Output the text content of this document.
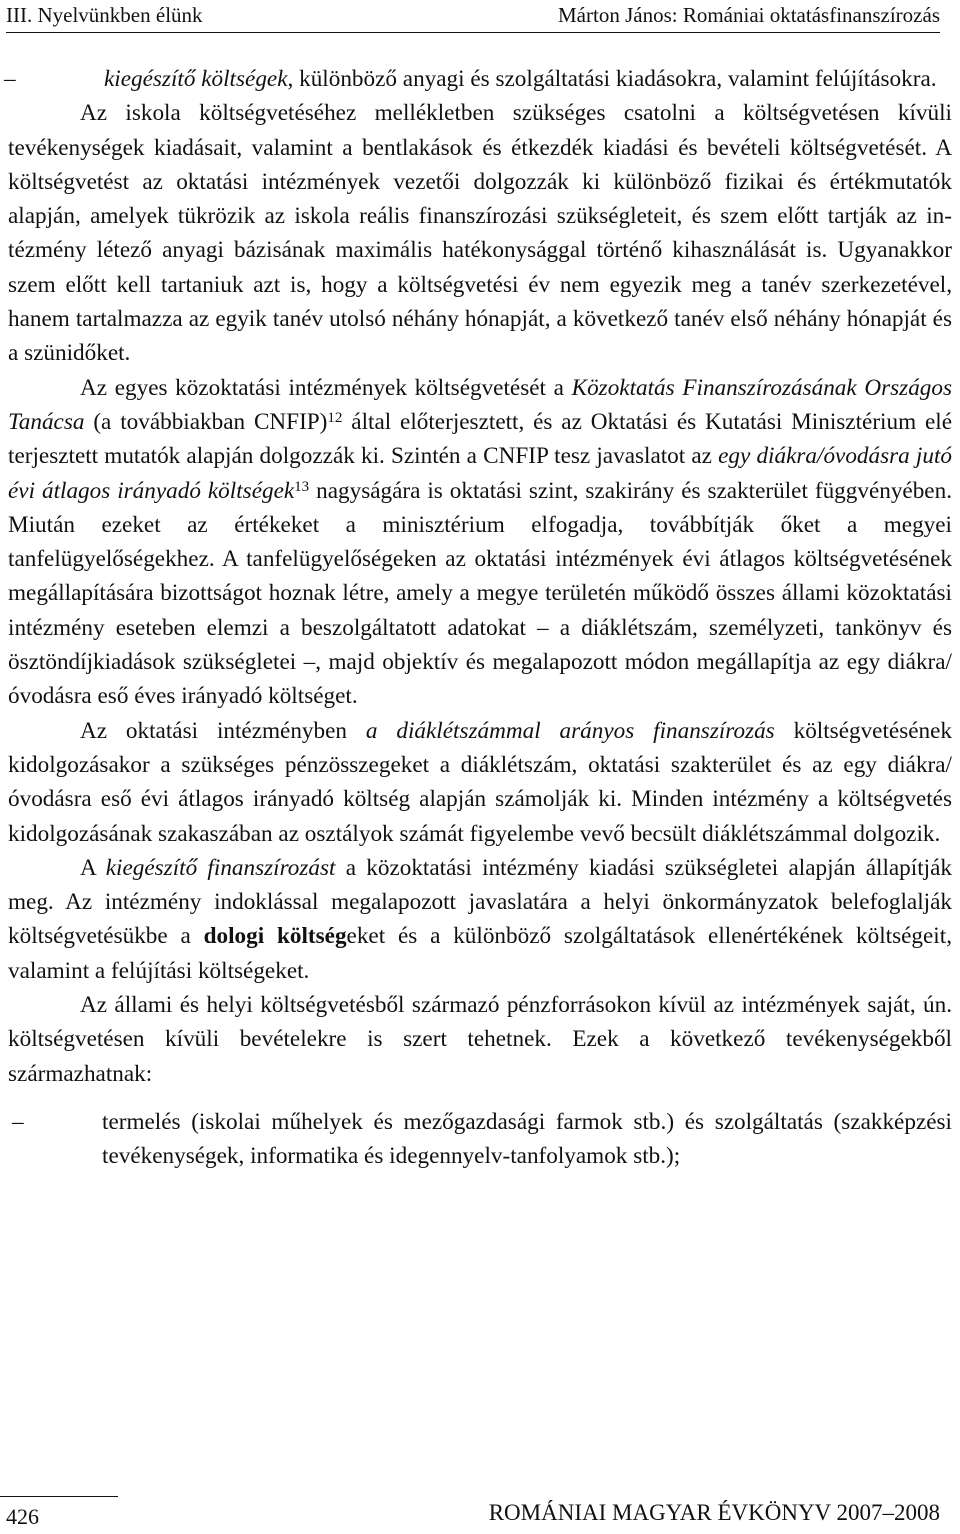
III. Nyelvünkben élünk	Márton János: Romániai oktatásfinanszírozás
–	kiegészítő költségek, különböző anyagi és szolgáltatási kiadásokra, valamint felújításokra.

Az iskola költségvetéséhez mellékletben szükséges csatolni a költségvetésen kívüli tevékenységek kiadásait, valamint a bentlakások és étkezdék kiadási és bevételi költségvetését. A költségvetést az oktatási intézmények vezetői dolgozzák ki különböző fizikai és értékmutatók alapján, amelyek tükrözik az iskola reális finanszírozási szükségleteit, és szem előtt tartják az intézmény létező anyagi bázisának maximális hatékonysággal történő kihasználását is. Ugyanakkor szem előtt kell tartaniuk azt is, hogy a költségvetési év nem egyezik meg a tanév szerkezetével, hanem tartalmazza az egyik tanév utolsó néhány hónapját, a következő tanév első néhány hónapját és a szünidőket.

Az egyes közoktatási intézmények költségvetését a Közoktatás Finanszírozásának Országos Tanácsa (a továbbiakban CNFIP)$^{12}$ által előterjesztett, és az Oktatási és Kutatási Minisztérium elé terjesztett mutatók alapján dolgozzák ki. Szintén a CNFIP tesz javaslatot az egy diákra/óvodásra jutó évi átlagos irányadó költségek$^{13}$ nagyságára is oktatási szint, szakirány és szakterület függvényében. Miután ezeket az értékeket a minisztérium elfogadja, továbbítják őket a megyei tanfelügyelőségekhez. A tanfelügyelőségeken az oktatási intézmények évi átlagos költségvetésének megállapítására bizottságot hoznak létre, amely a megye területén működő összes állami közoktatási intézmény eseteben elemzi a beszolgáltatott adatokat – a diáklétszám, személyzeti, tankönyv és ösztöndíjkiadások szükségletei –, majd objektív és megalapozott módon megállapítja az egy diákra/óvodásra eső éves irányadó költséget.

Az oktatási intézményben a diáklétszámmal arányos finanszírozás költségvetésének kidolgozásakor a szükséges pénzösszegeket a diáklétszám, oktatási szakterület és az egy diákra/óvodásra eső évi átlagos irányadó költség alapján számolják ki. Minden intézmény a költségvetés kidolgozásának szakaszában az osztályok számát figyelembe vevő becsült diáklétszámmal dolgozik.

A kiegészítő finanszírozást a közoktatási intézmény kiadási szükségletei alapján állapítják meg. Az intézmény indoklással megalapozott javaslatára a helyi önkormányzatok belefoglalják költségvetésükbe a dologi költségeket és a különböző szolgáltatások ellenértékének költségeit, valamint a felújítási költségeket.

Az állami és helyi költségvetésből származó pénzforrásokon kívül az intézmények saját, ún. költségvetésen kívüli bevételekre is szert tehetnek. Ezek a következő tevékenységekből származhatnak:

–	termelés (iskolai műhelyek és mezőgazdasági farmok stb.) és szolgáltatás (szakképzési tevékenységek, informatika és idegennyelv-tanfolyamok stb.);
426	ROMÁNIAI MAGYAR ÉVKÖNYV 2007–2008
